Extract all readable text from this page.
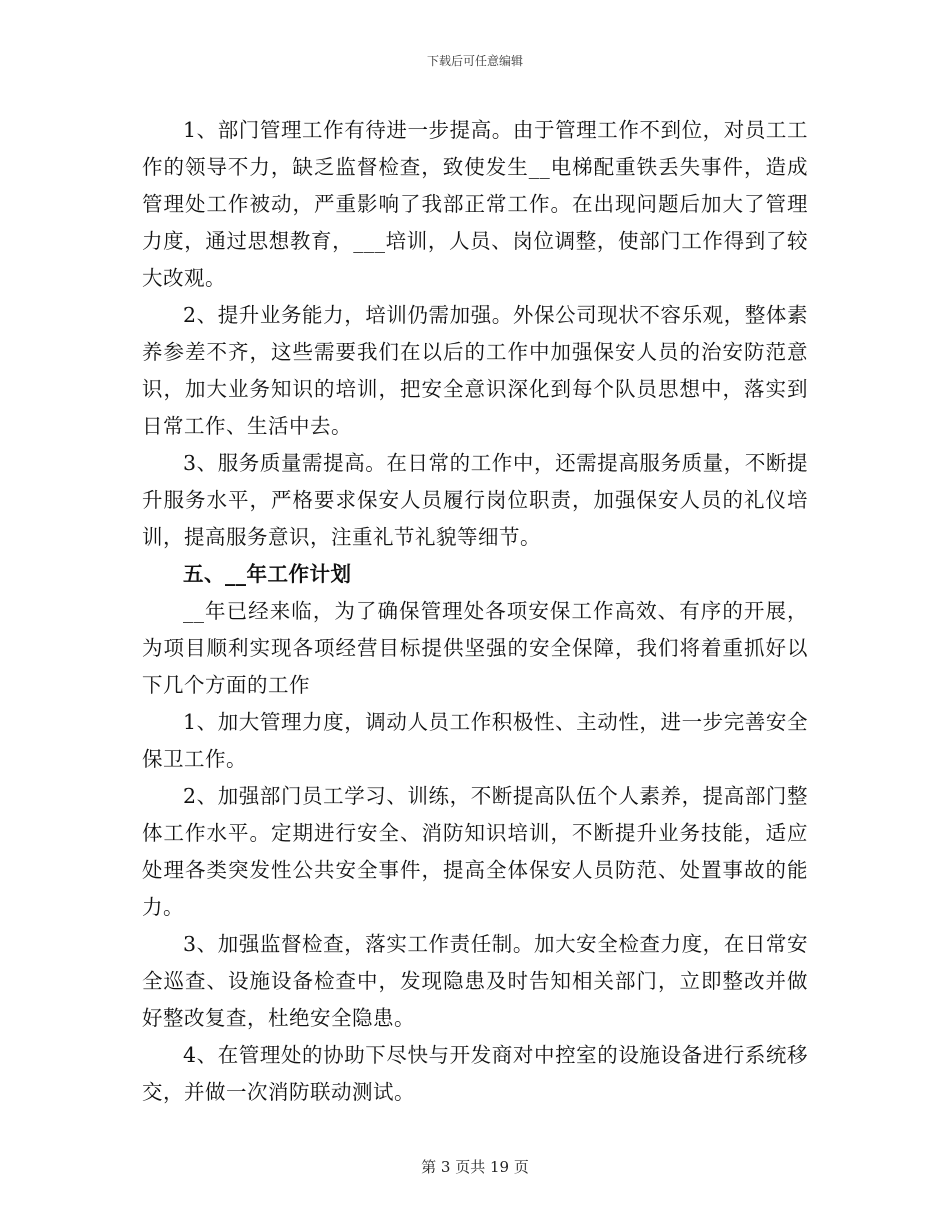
下载后可任意编辑

1、部门管理工作有待进一步提高。由于管理工作不到位，对员工工作的领导不力，缺乏监督检查，致使发生__电梯配重铁丢失事件，造成管理处工作被动，严重影响了我部正常工作。在出现问题后加大了管理力度，通过思想教育，___培训，人员、岗位调整，使部门工作得到了较大改观。

2、提升业务能力，培训仍需加强。外保公司现状不容乐观，整体素养参差不齐，这些需要我们在以后的工作中加强保安人员的治安防范意识，加大业务知识的培训，把安全意识深化到每个队员思想中，落实到日常工作、生活中去。

3、服务质量需提高。在日常的工作中，还需提高服务质量，不断提升服务水平，严格要求保安人员履行岗位职责，加强保安人员的礼仪培训，提高服务意识，注重礼节礼貌等细节。

五、__年工作计划

__年已经来临，为了确保管理处各项安保工作高效、有序的开展，为项目顺利实现各项经营目标提供坚强的安全保障，我们将着重抓好以下几个方面的工作

1、加大管理力度，调动人员工作积极性、主动性，进一步完善安全保卫工作。

2、加强部门员工学习、训练，不断提高队伍个人素养，提高部门整体工作水平。定期进行安全、消防知识培训，不断提升业务技能，适应处理各类突发性公共安全事件，提高全体保安人员防范、处置事故的能力。

3、加强监督检查，落实工作责任制。加大安全检查力度，在日常安全巡查、设施设备检查中，发现隐患及时告知相关部门，立即整改并做好整改复查，杜绝安全隐患。

4、在管理处的协助下尽快与开发商对中控室的设施设备进行系统移交，并做一次消防联动测试。

第 3 页共 19 页
